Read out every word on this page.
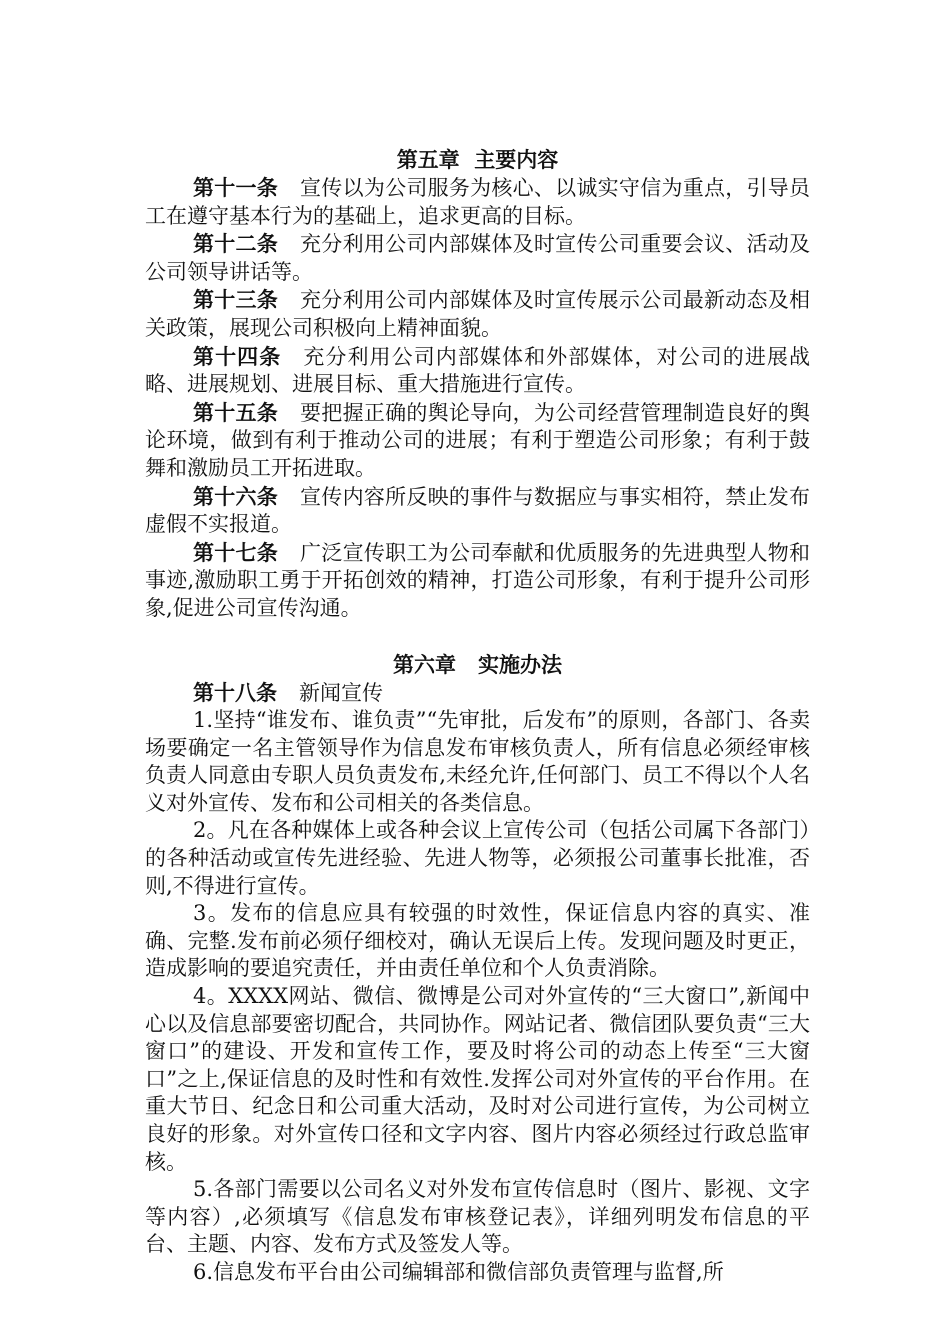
第五章  主要内容

第十一条 宣传以为公司服务为核心、以诚实守信为重点，引导员工在遵守基本行为的基础上，追求更高的目标。

第十二条 充分利用公司内部媒体及时宣传公司重要会议、活动及公司领导讲话等。

第十三条 充分利用公司内部媒体及时宣传展示公司最新动态及相关政策，展现公司积极向上精神面貌。

第十四条 充分利用公司内部媒体和外部媒体，对公司的进展战略、进展规划、进展目标、重大措施进行宣传。

第十五条 要把握正确的舆论导向，为公司经营管理制造良好的舆论环境，做到有利于推动公司的进展；有利于塑造公司形象；有利于鼓舞和激励员工开拓进取。

第十六条 宣传内容所反映的事件与数据应与事实相符，禁止发布虚假不实报道。

第十七条 广泛宣传职工为公司奉献和优质服务的先进典型人物和事迹,激励职工勇于开拓创效的精神，打造公司形象，有利于提升公司形象,促进公司宣传沟通。

第六章   实施办法

第十八条 新闻宣传

1.坚持“谁发布、谁负责”“先审批，后发布”的原则，各部门、各卖场要确定一名主管领导作为信息发布审核负责人，所有信息必须经审核负责人同意由专职人员负责发布,未经允许,任何部门、员工不得以个人名义对外宣传、发布和公司相关的各类信息。

2。凡在各种媒体上或各种会议上宣传公司（包括公司属下各部门）的各种活动或宣传先进经验、先进人物等，必须报公司董事长批准，否则,不得进行宣传。

3。发布的信息应具有较强的时效性，保证信息内容的真实、准确、完整.发布前必须仔细校对，确认无误后上传。发现问题及时更正，造成影响的要追究责任，并由责任单位和个人负责消除。

4。XXXX网站、微信、微博是公司对外宣传的“三大窗口”,新闻中心以及信息部要密切配合，共同协作。网站记者、微信团队要负责“三大窗口”的建设、开发和宣传工作，要及时将公司的动态上传至“三大窗口”之上,保证信息的及时性和有效性.发挥公司对外宣传的平台作用。在重大节日、纪念日和公司重大活动，及时对公司进行宣传，为公司树立良好的形象。对外宣传口径和文字内容、图片内容必须经过行政总监审核。

5.各部门需要以公司名义对外发布宣传信息时（图片、影视、文字等内容）,必须填写《信息发布审核登记表》，详细列明发布信息的平台、主题、内容、发布方式及签发人等。

6.信息发布平台由公司编辑部和微信部负责管理与监督,所
